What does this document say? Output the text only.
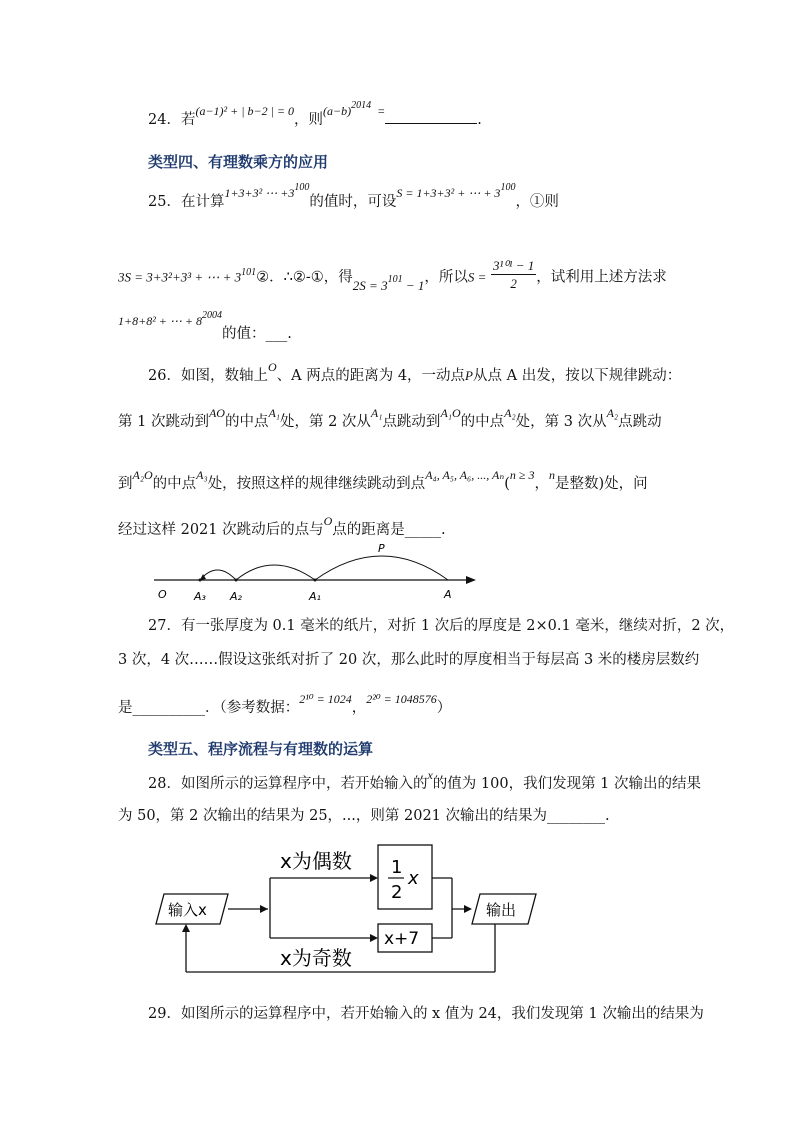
24．若$^{(a-1)^2 + | b-2 | = 0}$，则$^{(a-b)2014}$ =.
类型四、有理数乘方的应用
25．在计算$^{1+3+3^2 \cdots +3100}$的值时，可设$^{S = 1+3+3^2 + \cdots + 3100}$，①则
3S = 3+3²+3³ + ⋯ + $3^{101}②$．∴②-①，得2S = 3101 − 1，所以$S = \frac{\text{3¹⁰¹ − 1}}{2}$ ，试利用上述方法求
$^{1+8+8^2 + \cdots + 82004}$的值：___.
26．如图，数轴上$^O$、A 两点的距离为 4，一动点P从点 A 出发，按以下规律跳动：
第 1 次跳动到$^{AO}$的中点$^{A_1}$处，第 2 次从$^{A_1}$点跳动到$^{A_1O}$的中点$^{A_2}$处，第 3 次从$^{A_2}$点跳动
到$^{A_2O}$的中点$^{A_3}$处，按照这样的规律继续跳动到点$^{A_4, A_5, A_6, ..., A_n}$($^{n \ge 3}$，$^n$是整数)处，问
经过这样 2021 次跳动后的点与$^O$点的距离是_____.
P
O A₃ A₂	A₁	A
27．有一张厚度为 0.1 毫米的纸片，对折 1 次后的厚度是 2×0.1 毫米，继续对折，2 次，
3 次，4 次……假设这张纸对折了 20 次，那么此时的厚度相当于每层高 3 米的楼房层数约
是__________．（参考数据：$^{2^{10} = 1024}$，$^{2^{20} = 1048576}$）
类型五、程序流程与有理数的运算
28．如图所示的运算程序中，若开始输入的$^x$的值为 100，我们发现第 1 次输出的结果
为 50，第 2 次输出的结果为 25，...，则第 2021 次输出的结果为________.
输入x
x为偶数 1
2
x
x为奇数
x+7
输出
29．如图所示的运算程序中，若开始输入的 x 值为 24，我们发现第 1 次输出的结果为
